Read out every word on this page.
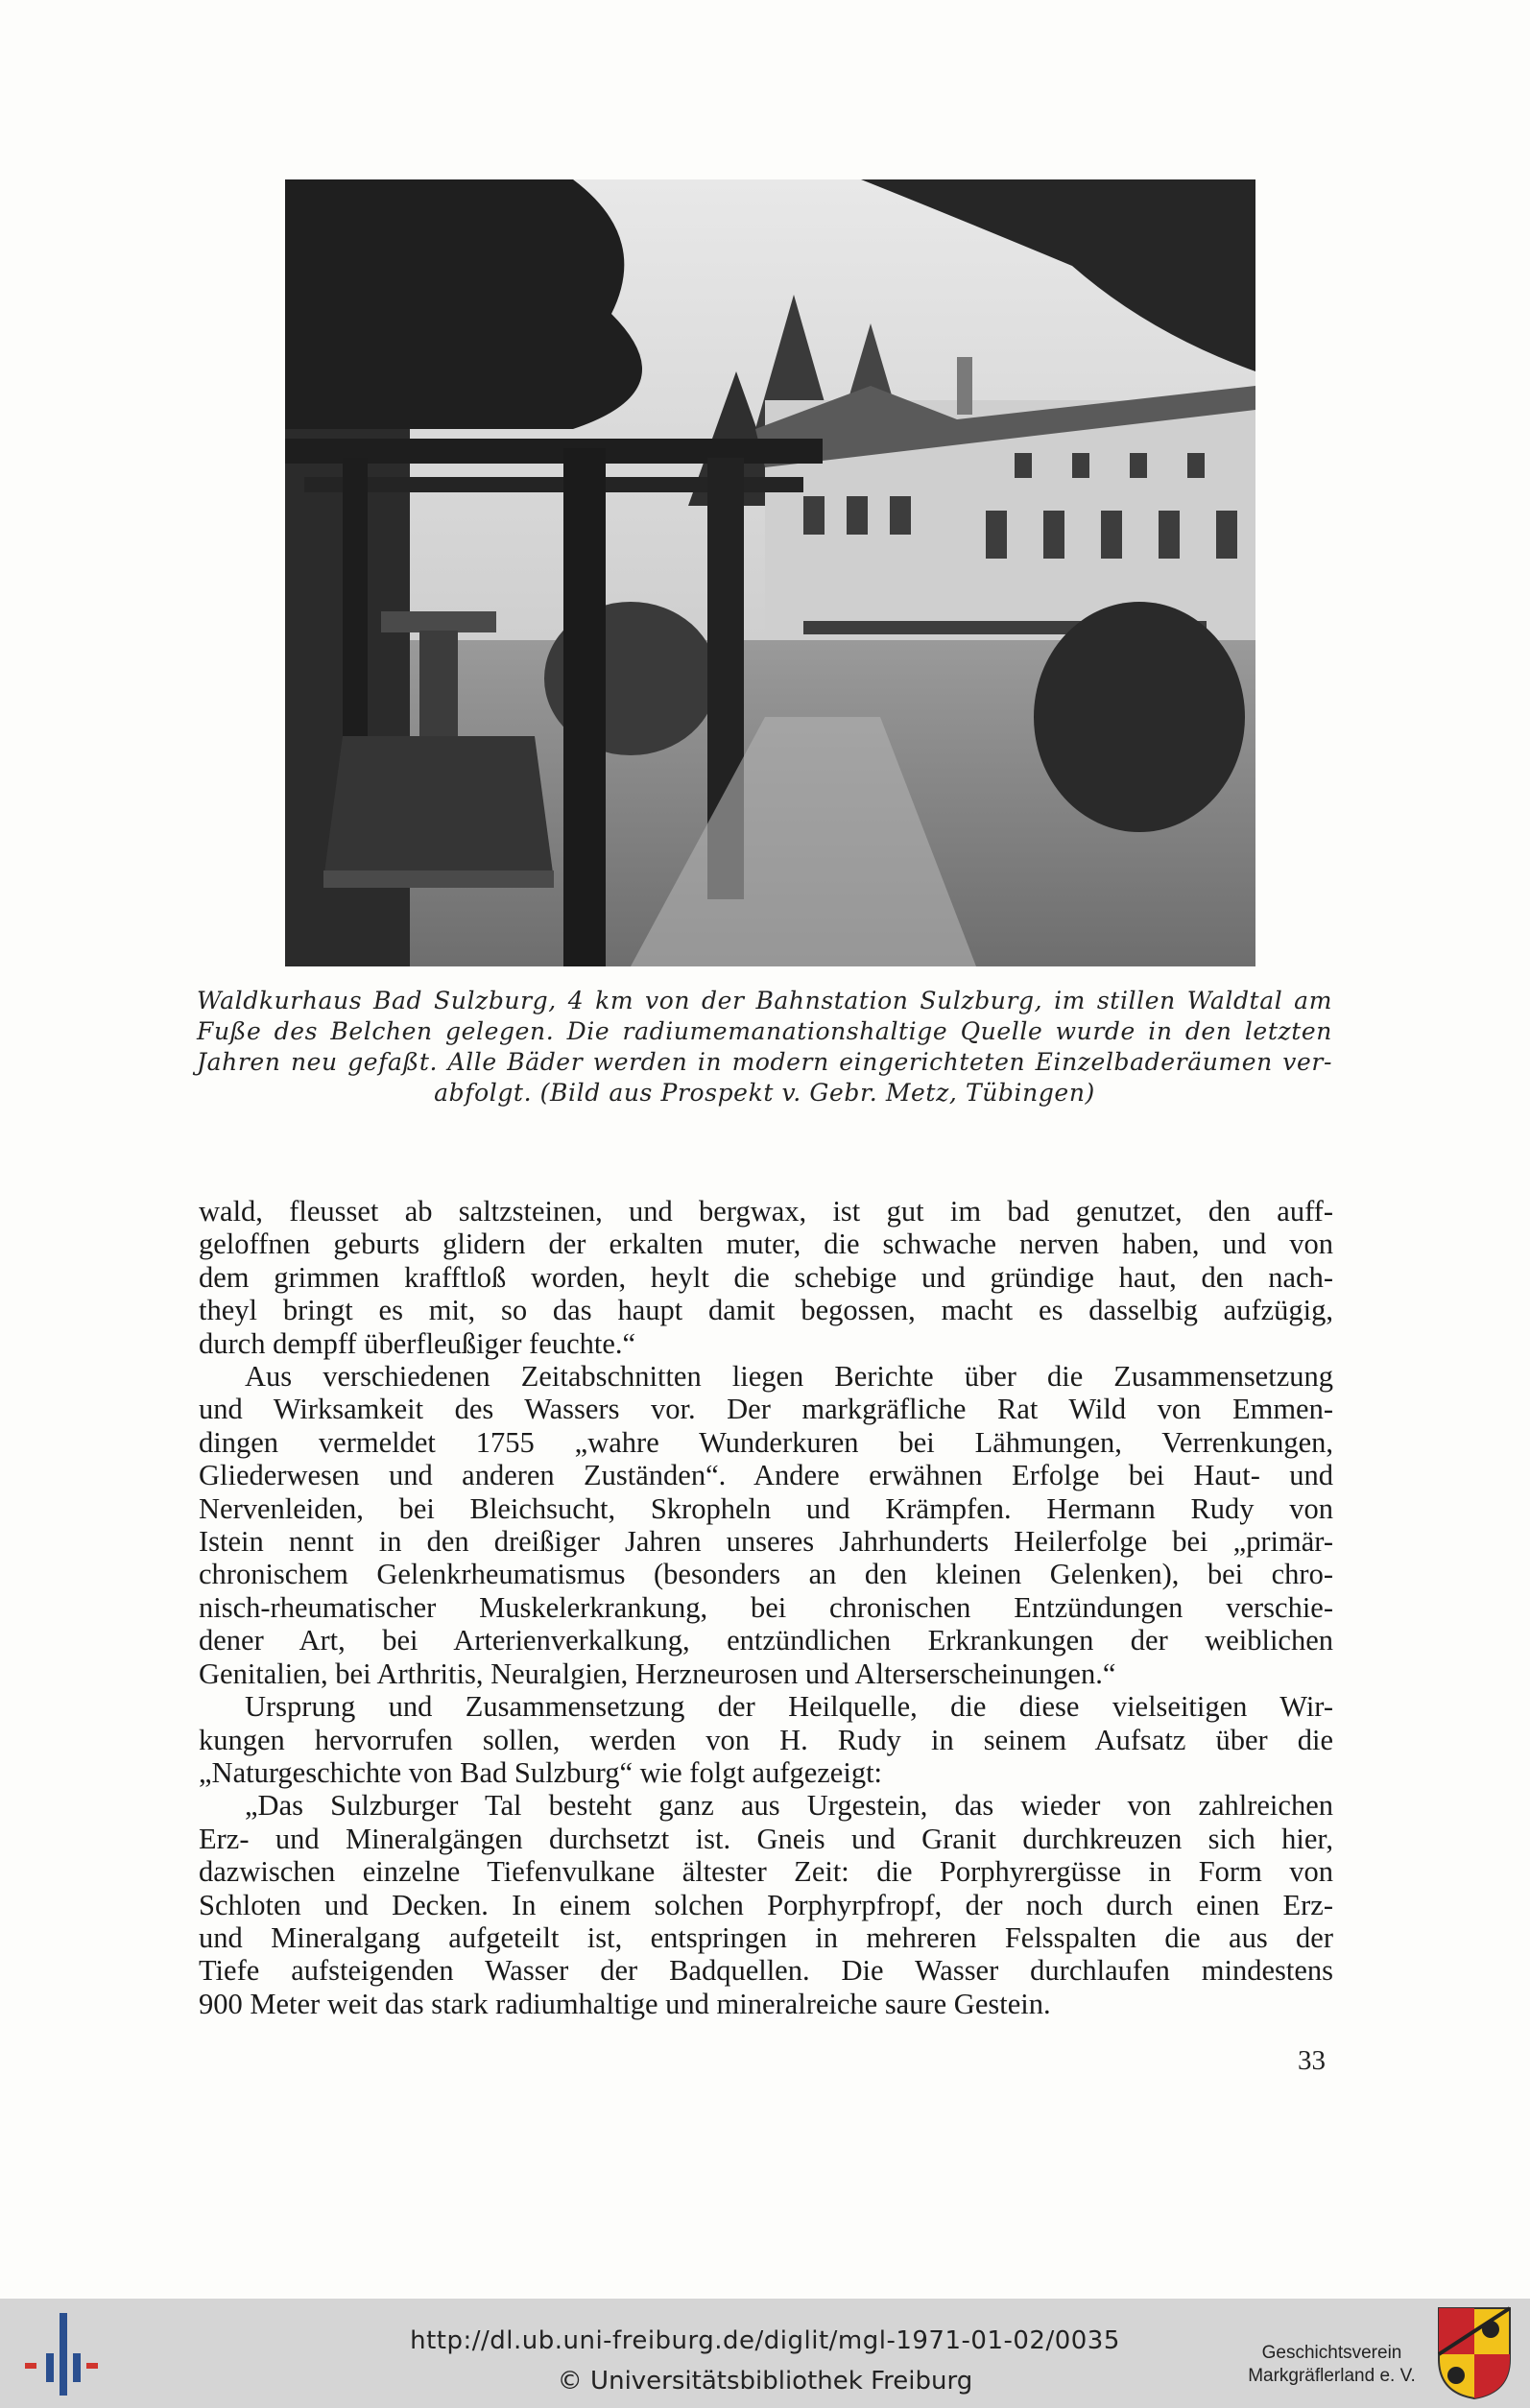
Waldkurhaus Bad Sulzburg, 4 km von der Bahnstation Sulzburg, im stillen Waldtal am
Fuße des Belchen gelegen. Die radiumemanationshaltige Quelle wurde in den letzten
Jahren neu gefaßt. Alle Bäder werden in modern eingerichteten Einzelbaderäumen ver-
abfolgt. (Bild aus Prospekt v. Gebr. Metz, Tübingen)
wald, fleusset ab saltzsteinen, und bergwax, ist gut im bad genutzet, den auff-
geloffnen geburts glidern der erkalten muter, die schwache nerven haben, und von
dem grimmen krafftloß worden, heylt die schebige und gründige haut, den nach-
theyl bringt es mit, so das haupt damit begossen, macht es dasselbig aufzügig,
durch dempff überfleußiger feuchte.“
Aus verschiedenen Zeitabschnitten liegen Berichte über die Zusammensetzung
und Wirksamkeit des Wassers vor. Der markgräfliche Rat Wild von Emmen-
dingen vermeldet 1755 „wahre Wunderkuren bei Lähmungen, Verrenkungen,
Gliederwesen und anderen Zuständen“. Andere erwähnen Erfolge bei Haut- und
Nervenleiden, bei Bleichsucht, Skropheln und Krämpfen. Hermann Rudy von
Istein nennt in den dreißiger Jahren unseres Jahrhunderts Heilerfolge bei „primär-
chronischem Gelenkrheumatismus (besonders an den kleinen Gelenken), bei chro-
nisch-rheumatischer Muskelerkrankung, bei chronischen Entzündungen verschie-
dener Art, bei Arterienverkalkung, entzündlichen Erkrankungen der weiblichen
Genitalien, bei Arthritis, Neuralgien, Herzneurosen und Alterserscheinungen.“
Ursprung und Zusammensetzung der Heilquelle, die diese vielseitigen Wir-
kungen hervorrufen sollen, werden von H. Rudy in seinem Aufsatz über die
„Naturgeschichte von Bad Sulzburg“ wie folgt aufgezeigt:
„Das Sulzburger Tal besteht ganz aus Urgestein, das wieder von zahlreichen
Erz- und Mineralgängen durchsetzt ist. Gneis und Granit durchkreuzen sich hier,
dazwischen einzelne Tiefenvulkane ältester Zeit: die Porphyrergüsse in Form von
Schloten und Decken. In einem solchen Porphyrpfropf, der noch durch einen Erz-
und Mineralgang aufgeteilt ist, entspringen in mehreren Felsspalten die aus der
Tiefe aufsteigenden Wasser der Badquellen. Die Wasser durchlaufen mindestens
900 Meter weit das stark radiumhaltige und mineralreiche saure Gestein.
33
http://dl.ub.uni-freiburg.de/diglit/mgl-1971-01-02/0035
© Universitätsbibliothek Freiburg
Geschichtsverein
Markgräflerland e. V.
